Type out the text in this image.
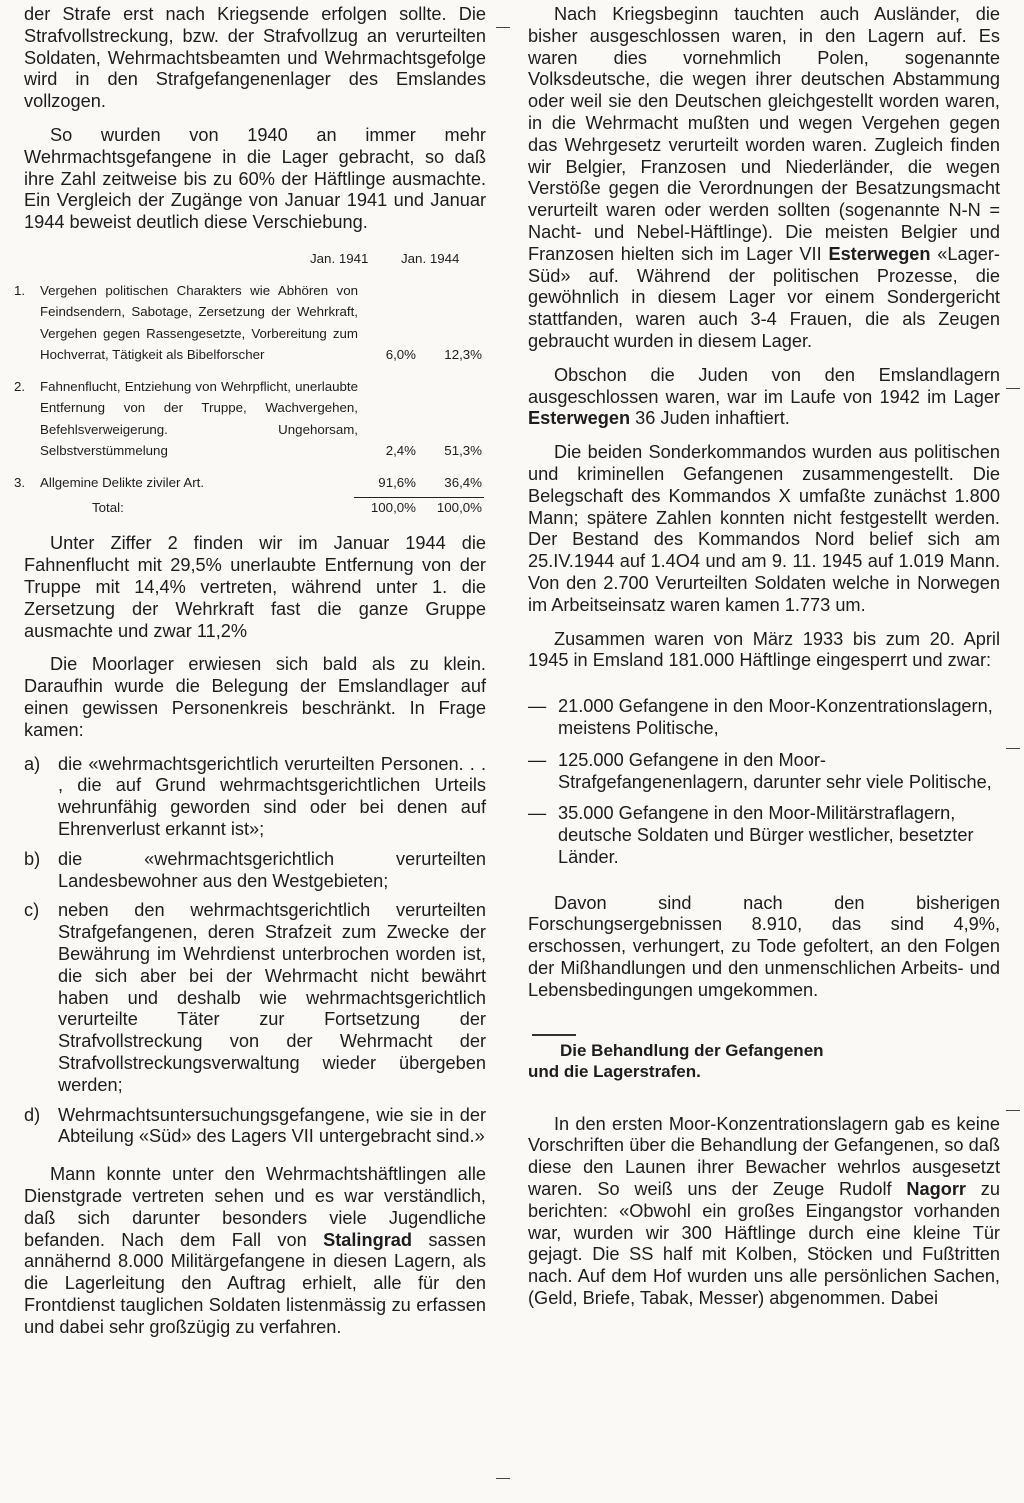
der Strafe erst nach Kriegsende erfolgen sollte. Die Strafvollstreckung, bzw. der Strafvollzug an verurteilten Soldaten, Wehrmachtsbeamten und Wehrmachtsgefolge wird in den Strafgefangenenlager des Emslandes vollzogen.

So wurden von 1940 an immer mehr Wehrmachtsgefangene in die Lager gebracht, so daß ihre Zahl zeitweise bis zu 60% der Häftlinge ausmachte. Ein Vergleich der Zugänge von Januar 1941 und Januar 1944 beweist deutlich diese Verschiebung.

Jan. 1941 Jan. 1944
1. Vergehen politischen Charakters wie Abhören von Feindsendern, Sabotage, Zersetzung der Wehrkraft, Vergehen gegen Rassengesetzte, Vorbereitung zum Hochverrat, Tätigkeit als Bibelforscher	6,0%	12,3%
2. Fahnenflucht, Entziehung von Wehrpflicht, unerlaubte Entfernung von der Truppe, Wachvergehen, Befehlsverweigerung. Ungehorsam, Selbstverstümmelung	2,4%	51,3%
3. Allgemine Delikte ziviler Art.	91,6%	36,4%
Total:	100,0%	100,0%

Unter Ziffer 2 finden wir im Januar 1944 die Fahnenflucht mit 29,5% unerlaubte Entfernung von der Truppe mit 14,4% vertreten, während unter 1. die Zersetzung der Wehrkraft fast die ganze Gruppe ausmachte und zwar 11,2%

Die Moorlager erwiesen sich bald als zu klein. Daraufhin wurde die Belegung der Emslandlager auf einen gewissen Personenkreis beschränkt. In Frage kamen:

a) die «wehrmachtsgerichtlich verurteilten Personen. . . , die auf Grund wehrmachtsgerichtlichen Urteils wehrunfähig geworden sind oder bei denen auf Ehrenverlust erkannt ist»;
b) die «wehrmachtsgerichtlich verurteilten Landesbewohner aus den Westgebieten;
c) neben den wehrmachtsgerichtlich verurteilten Strafgefangenen, deren Strafzeit zum Zwecke der Bewährung im Wehrdienst unterbrochen worden ist, die sich aber bei der Wehrmacht nicht bewährt haben und deshalb wie wehrmachtsgerichtlich verurteilte Täter zur Fortsetzung der Strafvollstreckung von der Wehrmacht der Strafvollstreckungsverwaltung wieder übergeben werden;
d) Wehrmachtsuntersuchungsgefangene, wie sie in der Abteilung «Süd» des Lagers VII untergebracht sind.»

Mann konnte unter den Wehrmachtshäftlingen alle Dienstgrade vertreten sehen und es war verständlich, daß sich darunter besonders viele Jugendliche befanden. Nach dem Fall von Stalingrad sassen annähernd 8.000 Militärgefangene in diesen Lagern, als die Lagerleitung den Auftrag erhielt, alle für den Frontdienst tauglichen Soldaten listenmässig zu erfassen und dabei sehr großzügig zu verfahren.

Nach Kriegsbeginn tauchten auch Ausländer, die bisher ausgeschlossen waren, in den Lagern auf. Es waren dies vornehmlich Polen, sogenannte Volksdeutsche, die wegen ihrer deutschen Abstammung oder weil sie den Deutschen gleichgestellt worden waren, in die Wehrmacht mußten und wegen Vergehen gegen das Wehrgesetz verurteilt worden waren. Zugleich finden wir Belgier, Franzosen und Niederländer, die wegen Verstöße gegen die Verordnungen der Besatzungsmacht verurteilt waren oder werden sollten (sogenannte N-N = Nacht- und Nebel-Häftlinge). Die meisten Belgier und Franzosen hielten sich im Lager VII Esterwegen «Lager-Süd» auf. Während der politischen Prozesse, die gewöhnlich in diesem Lager vor einem Sondergericht stattfanden, waren auch 3-4 Frauen, die als Zeugen gebraucht wurden in diesem Lager.

Obschon die Juden von den Emslandlagern ausgeschlossen waren, war im Laufe von 1942 im Lager Esterwegen 36 Juden inhaftiert.

Die beiden Sonderkommandos wurden aus politischen und kriminellen Gefangenen zusammengestellt. Die Belegschaft des Kommandos X umfaßte zunächst 1.800 Mann; spätere Zahlen konnten nicht festgestellt werden. Der Bestand des Kommandos Nord belief sich am 25.IV.1944 auf 1.4O4 und am 9. 11. 1945 auf 1.019 Mann. Von den 2.700 Verurteilten Soldaten welche in Norwegen im Arbeitseinsatz waren kamen 1.773 um.

Zusammen waren von März 1933 bis zum 20. April 1945 in Emsland 181.000 Häftlinge eingesperrt und zwar:

— 21.000 Gefangene in den Moor-Konzentrationslagern, meistens Politische,
— 125.000 Gefangene in den Moor-Strafgefangenenlagern, darunter sehr viele Politische,
— 35.000 Gefangene in den Moor-Militärstraflagern, deutsche Soldaten und Bürger westlicher, besetzter Länder.

Davon sind nach den bisherigen Forschungsergebnissen 8.910, das sind 4,9%, erschossen, verhungert, zu Tode gefoltert, an den Folgen der Mißhandlungen und den unmenschlichen Arbeits- und Lebensbedingungen umgekommen.

Die Behandlung der Gefangenen
und die Lagerstrafen.

In den ersten Moor-Konzentrationslagern gab es keine Vorschriften über die Behandlung der Gefangenen, so daß diese den Launen ihrer Bewacher wehrlos ausgesetzt waren. So weiß uns der Zeuge Rudolf Nagorr zu berichten: «Obwohl ein großes Eingangstor vorhanden war, wurden wir 300 Häftlinge durch eine kleine Tür gejagt. Die SS half mit Kolben, Stöcken und Fußtritten nach. Auf dem Hof wurden uns alle persönlichen Sachen, (Geld, Briefe, Tabak, Messer) abgenommen. Dabei
